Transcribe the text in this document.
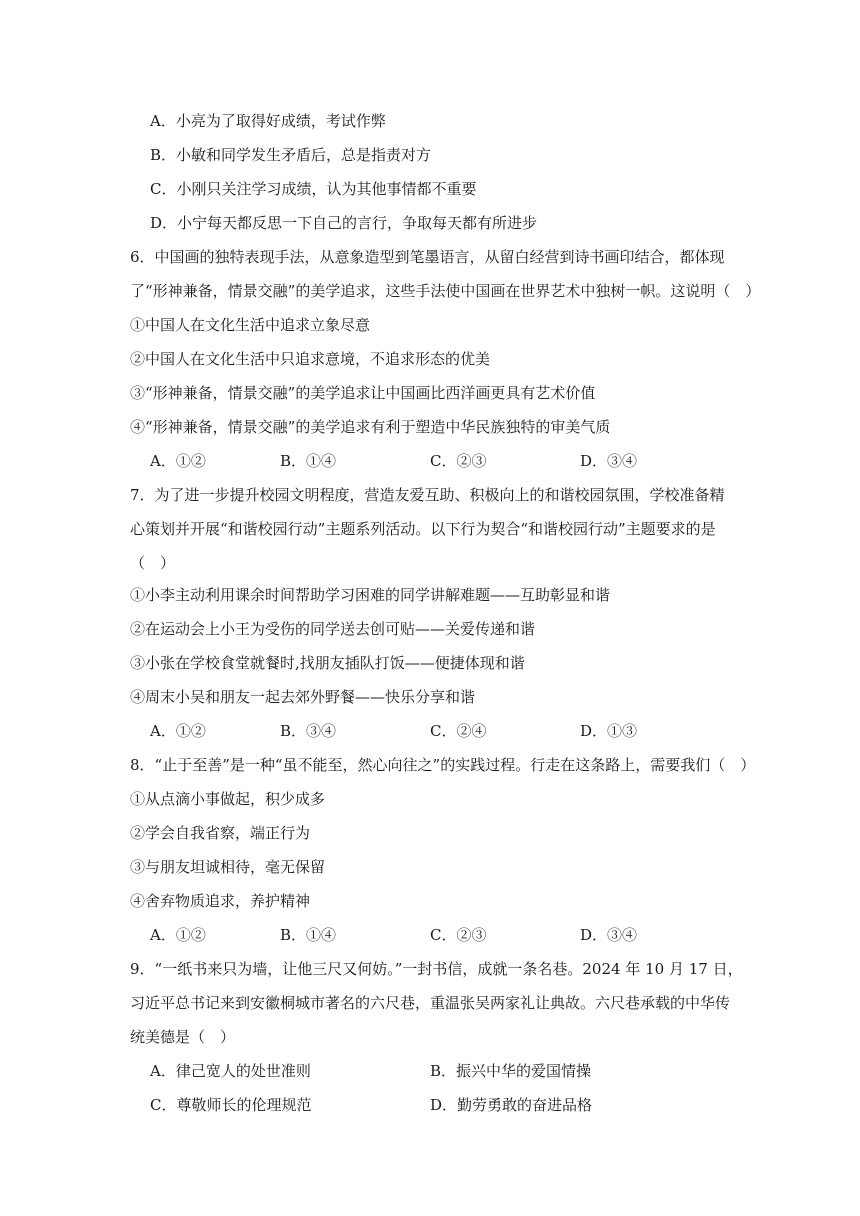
A．小亮为了取得好成绩，考试作弊
B．小敏和同学发生矛盾后，总是指责对方
C．小刚只关注学习成绩，认为其他事情都不重要
D．小宁每天都反思一下自己的言行，争取每天都有所进步
6．中国画的独特表现手法，从意象造型到笔墨语言，从留白经营到诗书画印结合，都体现
了“形神兼备，情景交融”的美学追求，这些手法使中国画在世界艺术中独树一帜。这说明（　）
①中国人在文化生活中追求立象尽意
②中国人在文化生活中只追求意境，不追求形态的优美
③“形神兼备，情景交融”的美学追求让中国画比西洋画更具有艺术价值
④“形神兼备，情景交融”的美学追求有利于塑造中华民族独特的审美气质
A．①②	B．①④	C．②③	D．③④
7．为了进一步提升校园文明程度，营造友爱互助、积极向上的和谐校园氛围，学校准备精
心策划并开展“和谐校园行动”主题系列活动。以下行为契合“和谐校园行动”主题要求的是
（　）
①小李主动利用课余时间帮助学习困难的同学讲解难题——互助彰显和谐
②在运动会上小王为受伤的同学送去创可贴——关爱传递和谐
③小张在学校食堂就餐时,找朋友插队打饭——便捷体现和谐
④周末小吴和朋友一起去郊外野餐——快乐分享和谐
A．①②	B．③④	C．②④	D．①③
8．“止于至善”是一种“虽不能至，然心向往之”的实践过程。行走在这条路上，需要我们（　）
①从点滴小事做起，积少成多
②学会自我省察，端正行为
③与朋友坦诚相待，毫无保留
④舍弃物质追求，养护精神
A．①②	B．①④	C．②③	D．③④
9．“一纸书来只为墙，让他三尺又何妨。”一封书信，成就一条名巷。2024 年 10 月 17 日，
习近平总书记来到安徽桐城市著名的六尺巷，重温张吴两家礼让典故。六尺巷承载的中华传
统美德是（　）
A．律己宽人的处世准则	B．振兴中华的爱国情操
C．尊敬师长的伦理规范	D．勤劳勇敢的奋进品格
